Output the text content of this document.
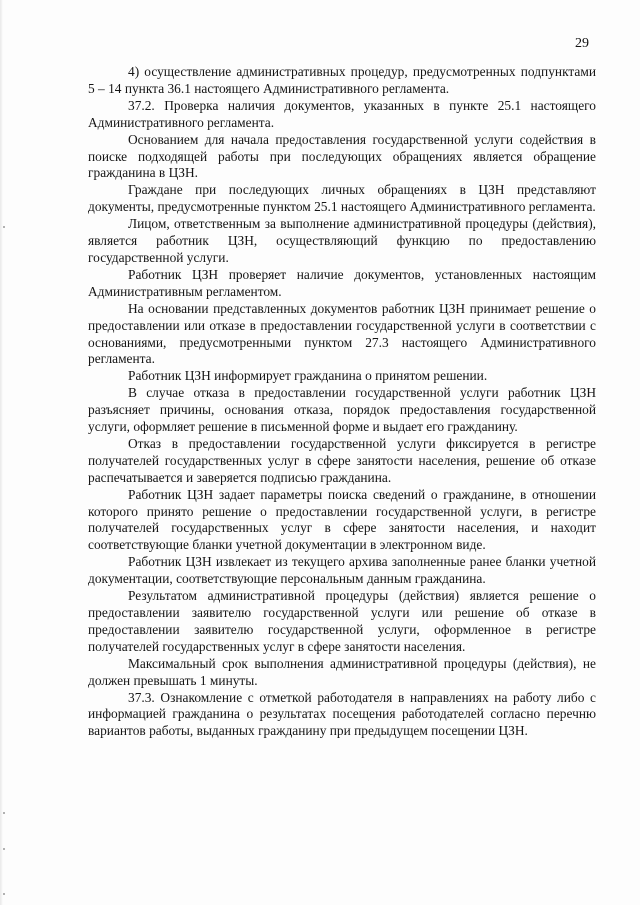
29

4) осуществление административных процедур, предусмотренных подпунктами 5 – 14 пункта 36.1 настоящего Административного регламента.

37.2. Проверка наличия документов, указанных в пункте 25.1 настоящего Административного регламента.

Основанием для начала предоставления государственной услуги содействия в поиске подходящей работы при последующих обращениях является обращение гражданина в ЦЗН.

Граждане при последующих личных обращениях в ЦЗН представляют документы, предусмотренные пунктом 25.1 настоящего Административного регламента.

Лицом, ответственным за выполнение административной процедуры (действия), является работник ЦЗН, осуществляющий функцию по предоставлению государственной услуги.

Работник ЦЗН проверяет наличие документов, установленных настоящим Административным регламентом.

На основании представленных документов работник ЦЗН принимает решение о предоставлении или отказе в предоставлении государственной услуги в соответствии с основаниями, предусмотренными пунктом 27.3 настоящего Административного регламента.

Работник ЦЗН информирует гражданина о принятом решении.

В случае отказа в предоставлении государственной услуги работник ЦЗН разъясняет причины, основания отказа, порядок предоставления государственной услуги, оформляет решение в письменной форме и выдает его гражданину.

Отказ в предоставлении государственной услуги фиксируется в регистре получателей государственных услуг в сфере занятости населения, решение об отказе распечатывается и заверяется подписью гражданина.

Работник ЦЗН задает параметры поиска сведений о гражданине, в отношении которого принято решение о предоставлении государственной услуги, в регистре получателей государственных услуг в сфере занятости населения, и находит соответствующие бланки учетной документации в электронном виде.

Работник ЦЗН извлекает из текущего архива заполненные ранее бланки учетной документации, соответствующие персональным данным гражданина.

Результатом административной процедуры (действия) является решение о предоставлении заявителю государственной услуги или решение об отказе в предоставлении заявителю государственной услуги, оформленное в регистре получателей государственных услуг в сфере занятости населения.

Максимальный срок выполнения административной процедуры (действия), не должен превышать 1 минуты.

37.3. Ознакомление с отметкой работодателя в направлениях на работу либо с информацией гражданина о результатах посещения работодателей согласно перечню вариантов работы, выданных гражданину при предыдущем посещении ЦЗН.
